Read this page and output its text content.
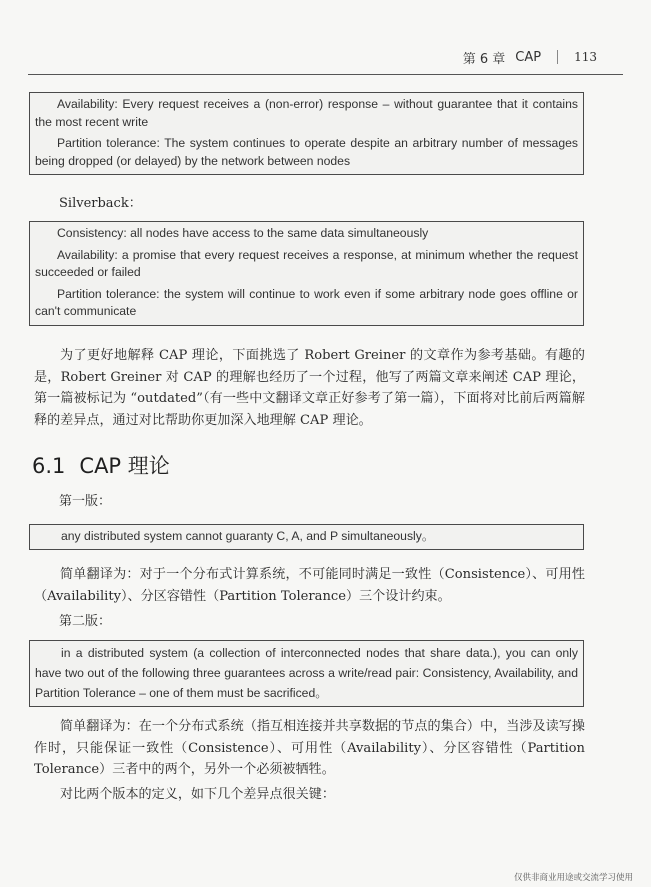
第 6 章 CAP	113

Availability: Every request receives a (non-error) response – without guarantee that it contains the most recent write

Partition tolerance: The system continues to operate despite an arbitrary number of messages being dropped (or delayed) by the network between nodes

Silverback：

Consistency: all nodes have access to the same data simultaneously

Availability: a promise that every request receives a response, at minimum whether the request succeeded or failed

Partition tolerance: the system will continue to work even if some arbitrary node goes offline or can't communicate

为了更好地解释 CAP 理论，下面挑选了 Robert Greiner 的文章作为参考基础。有趣的是，Robert Greiner 对 CAP 的理解也经历了一个过程，他写了两篇文章来阐述 CAP 理论，第一篇被标记为 “outdated”（有一些中文翻译文章正好参考了第一篇），下面将对比前后两篇解释的差异点，通过对比帮助你更加深入地理解 CAP 理论。

6.1 CAP 理论
第一版：

any distributed system cannot guaranty C, A, and P simultaneously。

简单翻译为：对于一个分布式计算系统，不可能同时满足一致性（Consistence）、可用性（Availability）、分区容错性（Partition Tolerance）三个设计约束。

第二版：

in a distributed system (a collection of interconnected nodes that share data.), you can only have two out of the following three guarantees across a write/read pair: Consistency, Availability, and Partition Tolerance – one of them must be sacrificed。

简单翻译为：在一个分布式系统（指互相连接并共享数据的节点的集合）中，当涉及读写操作时，只能保证一致性（Consistence）、可用性（Availability）、分区容错性（Partition Tolerance）三者中的两个，另外一个必须被牺牲。

对比两个版本的定义，如下几个差异点很关键：

仅供非商业用途或交流学习使用
